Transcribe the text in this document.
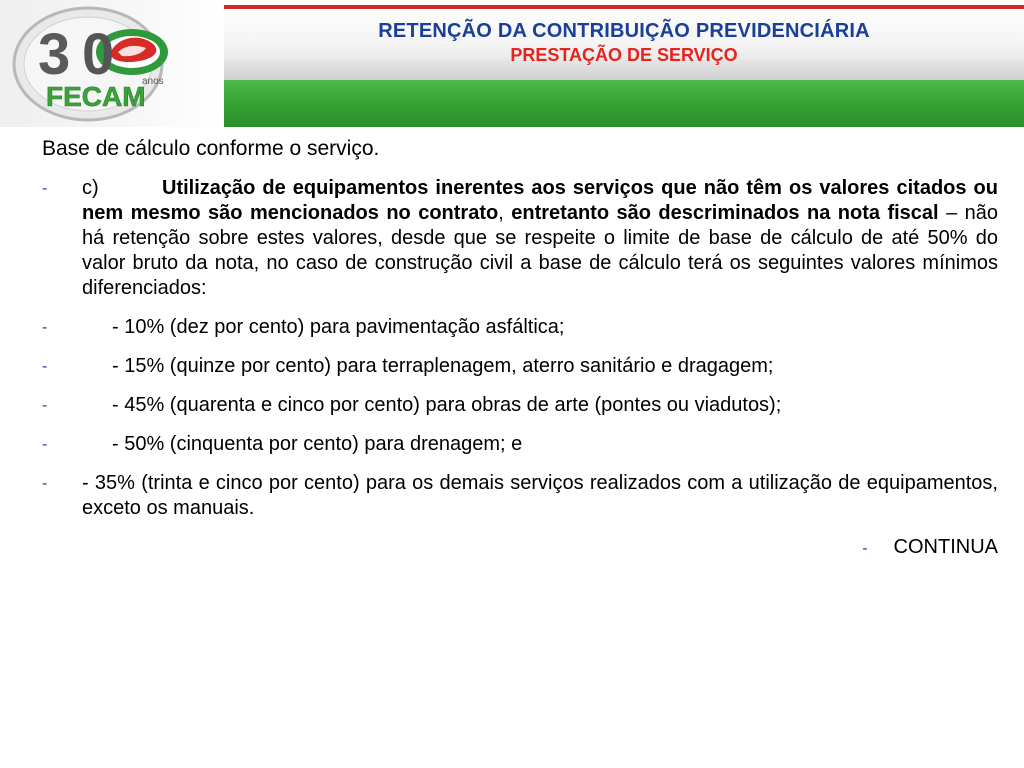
3 0	anos
FECAM
RETENÇÃO DA CONTRIBUIÇÃO PREVIDENCIÁRIA
PRESTAÇÃO DE SERVIÇO

Base de cálculo conforme o serviço.

- c)	Utilização de equipamentos inerentes aos serviços que não têm os valores citados ou nem mesmo são mencionados no contrato, entretanto são descriminados na nota fiscal – não há retenção sobre estes valores, desde que se respeite o limite de base de cálculo de até 50% do valor bruto da nota, no caso de construção civil a base de cálculo terá os seguintes valores mínimos diferenciados:
-	- 10% (dez por cento) para pavimentação asfáltica;
-	- 15% (quinze por cento) para terraplenagem, aterro sanitário e dragagem;
-	- 45% (quarenta e cinco por cento) para obras de arte (pontes ou viadutos);
-	- 50% (cinquenta por cento) para drenagem; e
- - 35% (trinta e cinco por cento) para os demais serviços realizados com a utilização de equipamentos, exceto os manuais.
- CONTINUA
